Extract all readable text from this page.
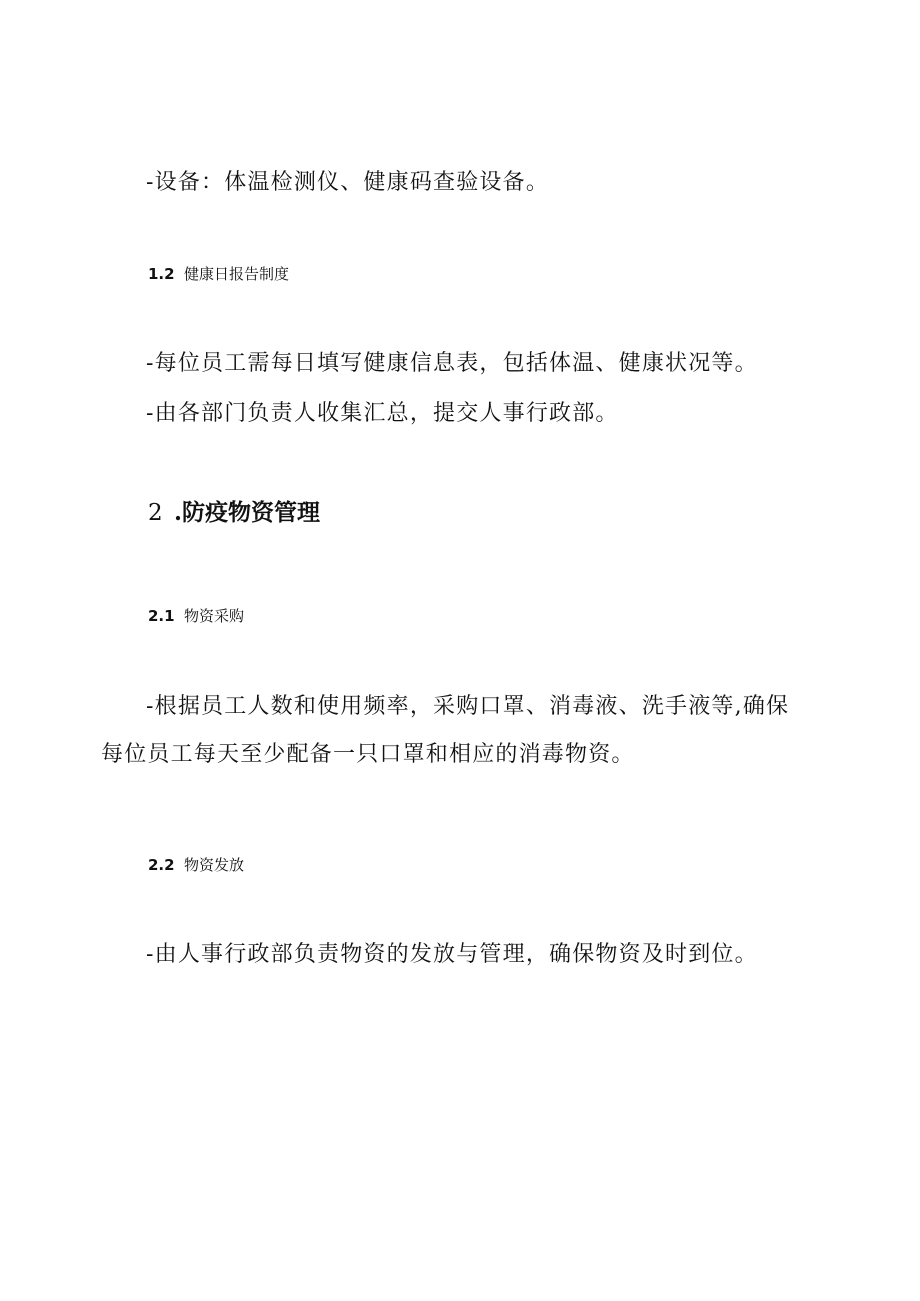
-设备：体温检测仪、健康码查验设备。

1.2 健康日报告制度

-每位员工需每日填写健康信息表，包括体温、健康状况等。

-由各部门负责人收集汇总，提交人事行政部。

2 .防疫物资管理
2.1 物资采购

-根据员工人数和使用频率，采购口罩、消毒液、洗手液等,确保

每位员工每天至少配备一只口罩和相应的消毒物资。

2.2 物资发放

-由人事行政部负责物资的发放与管理，确保物资及时到位。
